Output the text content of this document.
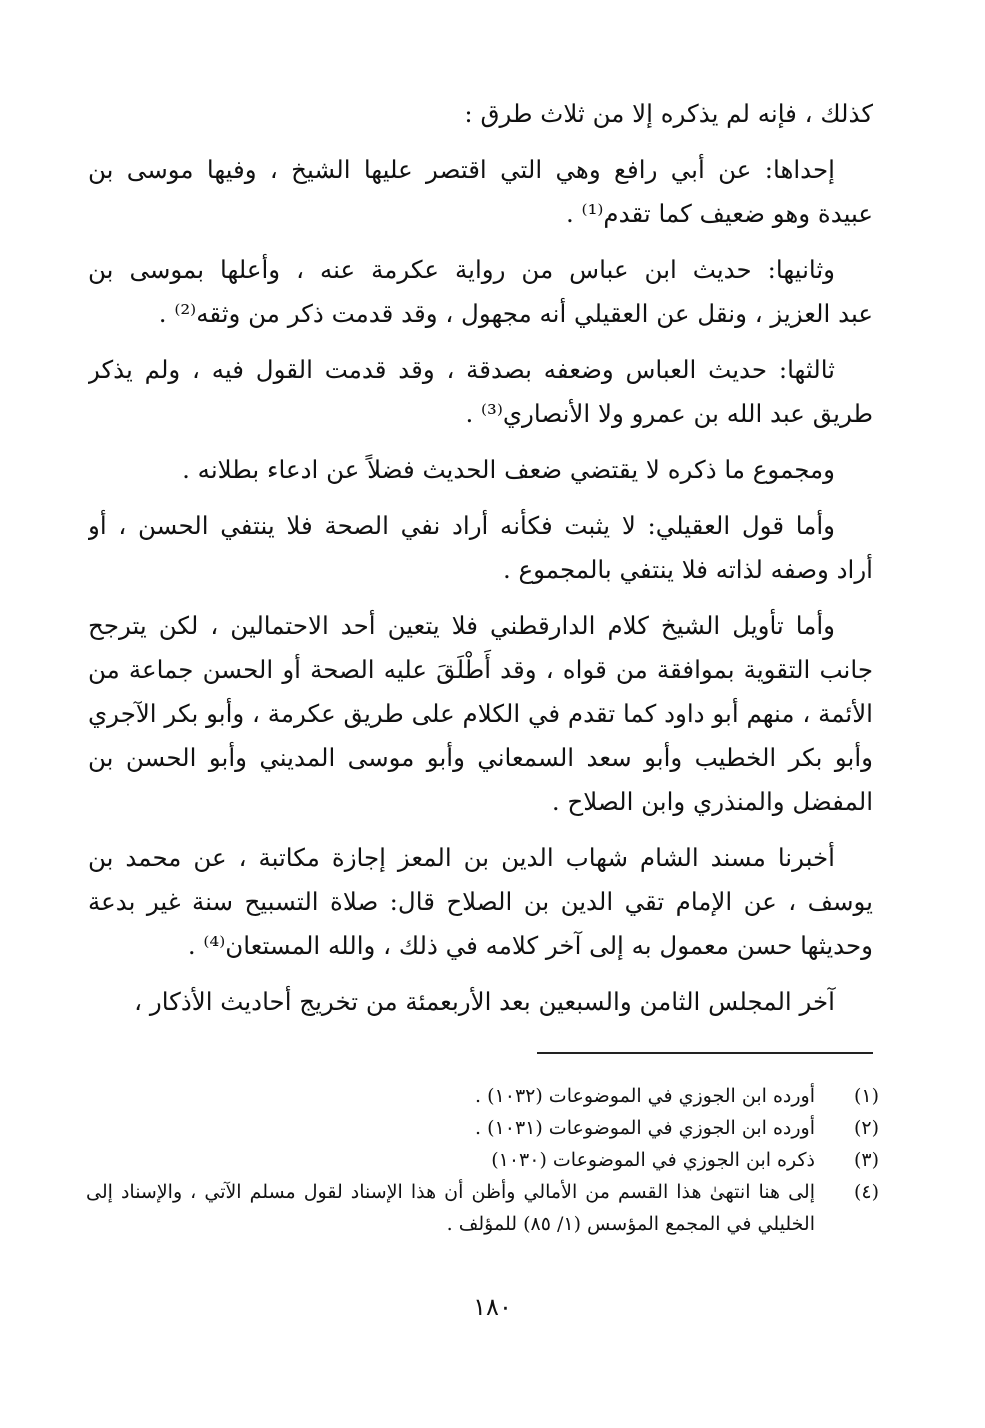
كذلك ، فإنه لم يذكره إلا من ثلاث طرق :
إحداها: عن أبي رافع وهي التي اقتصر عليها الشيخ ، وفيها موسى بن
عبيدة وهو ضعيف كما تقدم⁽¹⁾ .
وثانيها: حديث ابن عباس من رواية عكرمة عنه ، وأعلها بموسى بن
عبد العزيز ، ونقل عن العقيلي أنه مجهول ، وقد قدمت ذكر من وثقه⁽²⁾ .
ثالثها: حديث العباس وضعفه بصدقة ، وقد قدمت القول فيه ، ولم يذكر
طريق عبد الله بن عمرو ولا الأنصاري⁽³⁾ .
ومجموع ما ذكره لا يقتضي ضعف الحديث فضلاً عن ادعاء بطلانه .
وأما قول العقيلي: لا يثبت فكأنه أراد نفي الصحة فلا ينتفي الحسن ، أو
أراد وصفه لذاته فلا ينتفي بالمجموع .
وأما تأويل الشيخ كلام الدارقطني فلا يتعين أحد الاحتمالين ، لكن يترجح
جانب التقوية بموافقة من قواه ، وقد أَطْلَقَ عليه الصحة أو الحسن جماعة من
الأئمة ، منهم أبو داود كما تقدم في الكلام على طريق عكرمة ، وأبو بكر الآجري
وأبو بكر الخطيب وأبو سعد السمعاني وأبو موسى المديني وأبو الحسن بن
المفضل والمنذري وابن الصلاح .
أخبرنا مسند الشام شهاب الدين بن المعز إجازة مكاتبة ، عن محمد بن
يوسف ، عن الإمام تقي الدين بن الصلاح قال: صلاة التسبيح سنة غير بدعة
وحديثها حسن معمول به إلى آخر كلامه في ذلك ، والله المستعان⁽⁴⁾ .
آخر المجلس الثامن والسبعين بعد الأربعمئة من تخريج أحاديث الأذكار ،
(١)
أورده ابن الجوزي في الموضوعات (١٠٣٢) .
(٢)
أورده ابن الجوزي في الموضوعات (١٠٣١) .
(٣)
ذكره ابن الجوزي في الموضوعات (١٠٣٠)
(٤)
إلى هنا انتهىٰ هذا القسم من الأمالي وأظن أن هذا الإسناد لقول مسلم الآتي ، والإسناد إلى
الخليلي في المجمع المؤسس (١/ ٨٥) للمؤلف .
١٨٠
